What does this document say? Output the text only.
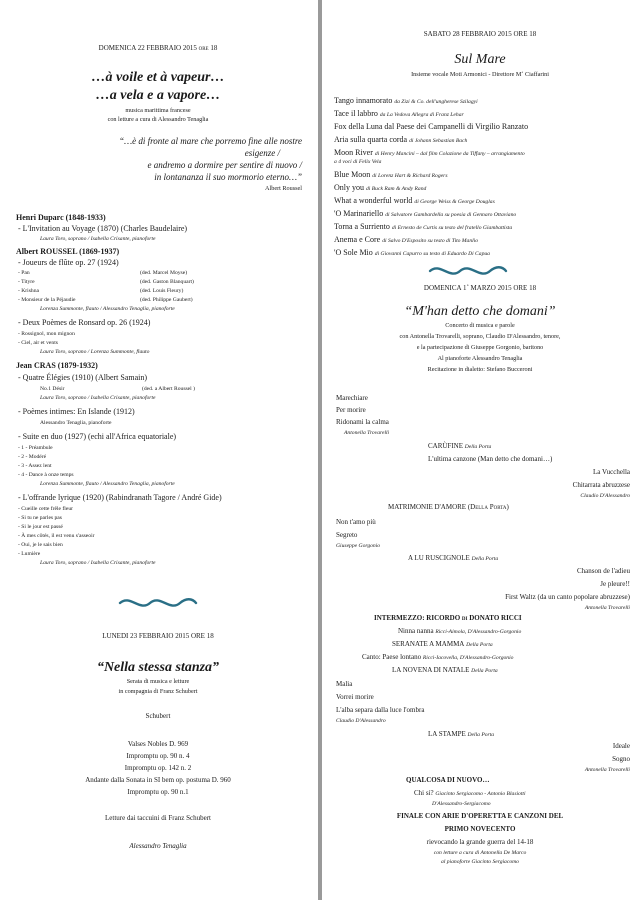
DOMENICA 22 FEBBRAIO 2015 ore 18
…à voile et à vapeur…
…a vela e a vapore…
musica marittima francese
con letture a cura di Alessandro Tenaglia
“…è di fronte al mare che porremo fine alle nostre
esigenze /
e andremo a dormire per sentire di nuovo /
in lontananza il suo mormorio eterno…”
Albert Roussel
Henri Duparc (1848-1933)
- L'Invitation au Voyage (1870) (Charles Baudelaire)
Laura Toro, soprano / Isabella Crisante, pianoforte
Albert ROUSSEL (1869-1937)
- Joueurs de flûte op. 27 (1924)
- Pan	(ded. Marcel Moyse)
- Tityre	(ded. Gaston Blanquart)
- Krishna	(ded. Louis Fleury)
- Monsieur de la Péjaudie	(ded. Philippe Gaubert)
Lorenza Summonte, flauto / Alessandro Tenaglia, pianoforte
- Deux Poèmes de Ronsard op. 26 (1924)
- Rossignol, mon mignon
- Ciel, air et vents
Laura Toro, soprano / Lorenza Summonte, flauto
Jean CRAS (1879-1932)
- Quatre Élégies (1910) (Albert Samain)
No.1 Désir	(ded. a Albert Roussel )
Laura Toro, soprano / Isabella Crisante, pianoforte
- Poèmes intimes: En Islande (1912)
Alessandro Tenaglia, pianoforte
- Suite en duo (1927) (echi all'Africa equatoriale)
- 1 - Préambule
- 2 - Modéré
- 3 - Assez lent
- 4 - Dance à onze temps
Lorenza Summonte, flauto / Alessandro Tenaglia, pianoforte
- L'offrande lyrique (1920) (Rabindranath Tagore / André Gide)
- Cueille cette frêle fleur
- Si tu ne parles pas
- Si le jour est passé
- À mes côtés, il est venu s'asseoir
- Oui, je le sais bien
- Lumière
Laura Toro, soprano / Isabella Crisante, pianoforte
LUNEDI 23 FEBBRAIO 2015 ORE 18
“Nella stessa stanza”
Serata di musica e letture
in compagnia di Franz Schubert
Schubert
Valses Nobles D. 969
Impromptu op. 90 n. 4
Impromptu op. 142 n. 2
Andante dalla Sonata in SI bem op. postuma D. 960
Impromptu op. 90 n.1
Letture dai taccuini di Franz Schubert
Alessandro Tenaglia
SABATO 28 FEBBRAIO 2015 ORE 18
Sul Mare
Insieme vocale Moti Armonici - Direttore M˚ Ciaffarini
Tango innamorato da Zizi & Co. dell'ungherese Szilagyi
Tace il labbro da La Vedova Allegra di Franz Lehar
Fox della Luna dal Paese dei Campanelli di Virgilio Ranzato
Aria sulla quarta corda di Johann Sebastian Bach
Moon River di Henry Mancini – dal film Colazione da Tiffany – arrangiamento
a 4 voci di Felix Vela
Blue Moon di Lorenz Hart & Richard Rogers
Only you di Buck Ram & Andy Rand
What a wonderful world di George Weiss & George Douglas
'O Marinariello di Salvatore Gambardella su poesia di Gennaro Ottaviano
Torna a Surriento di Ernesto de Curtis su testo del fratello Giambattista
Anema e Core di Salvo D'Esposito su testo di Tito Manlio
'O Sole Mio di Giovanni Capurro su testo di Eduardo Di Capua
DOMENICA 1˚ MARZO 2015 ORE 18
“M'han detto che domani”
Concerto di musica e parole
con Antonella Trovarelli, soprano, Claudio D'Alessandro, tenore,
e la partecipazione di Giuseppe Gorgonio, baritono
Al pianoforte Alessandro Tenaglia
Recitazione in dialetto: Stefano Bucceroni
Marechiare
Per morire
Ridonami la calma
Antonella Trovarelli
CARÙFINE Della Porta
L'ultima canzone (Man detto che domani…)
La Vucchella
Chitarrata abruzzese
Claudio D'Alessandro
MATRIMONIE D'AMORE (Della Porta)
Non t'amo più
Segreto
Giuseppe Gorgonio
A LU RUSCIGNOLE Della Porta
Chanson de l'adieu
Je pleure!!
First Waltz (da un canto popolare abruzzese)
Antonella Trovarelli
INTERMEZZO: RICORDO di DONATO RICCI
Ninna nanna Ricci-Aimola, D'Alessandro-Gorgonio
SERANATE A MAMMA Della Porta
Canto: Paese lontano Ricci-Iacovella, D'Alessandro-Gorgonio
LA NOVENA DI NATALE Della Porta
Malia
Vorrei morire
L'alba separa dalla luce l'ombra
Claudio D'Alessandro
LA STAMPE Della Porta
Ideale
Sogno
Antonella Trovarelli
QUALCOSA DI NUOVO…
Chi si? Giacinto Sergiacomo - Antonio Blasiotti
D'Alessandro-Sergiacomo
FINALE CON ARIE D'OPERETTA E CANZONI DEL
PRIMO NOVECENTO
rievocando la grande guerra del 14-18
con letture a cura di Antonella De Marco
al pianoforte Giacinto Sergiacomo
